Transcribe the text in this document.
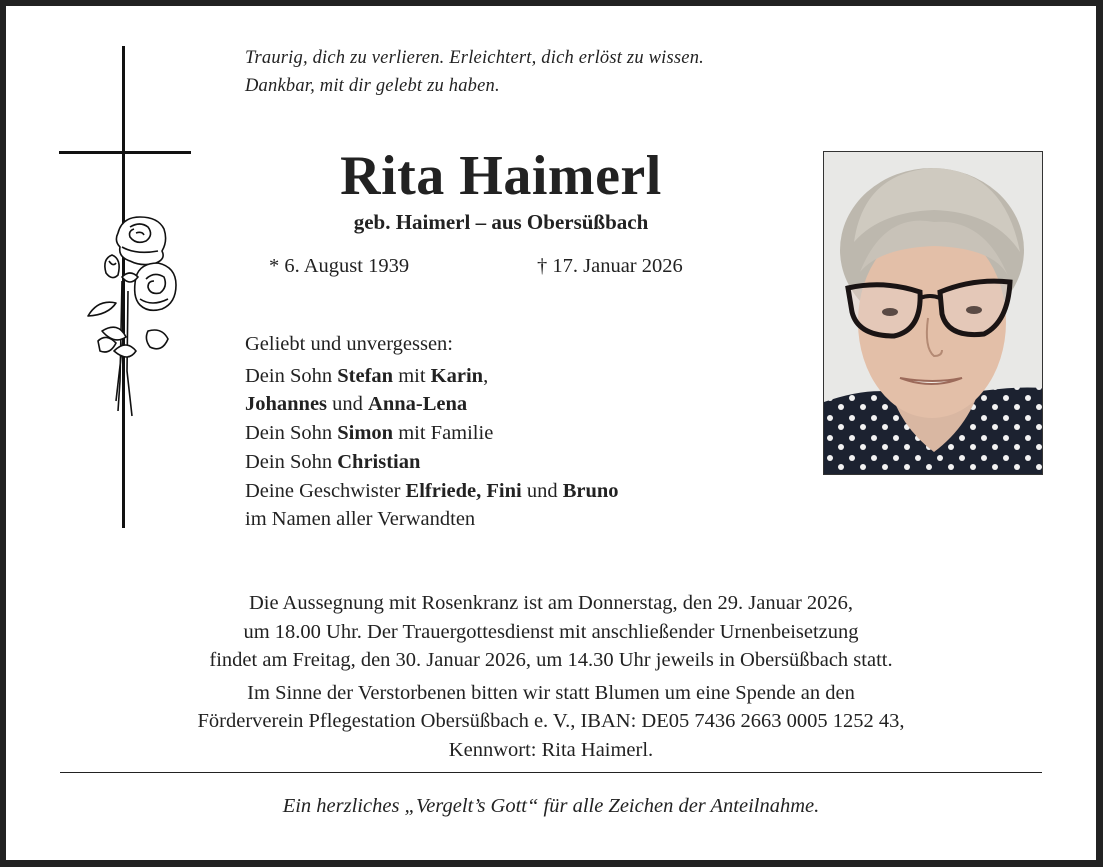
Traurig, dich zu verlieren. Erleichtert, dich erlöst zu wissen.
Dankbar, mit dir gelebt zu haben.
Rita Haimerl
geb. Haimerl – aus Obersüßbach
* 6. August 1939	† 17. Januar 2026
Geliebt und unvergessen:
Dein Sohn Stefan mit Karin,
Johannes und Anna-Lena
Dein Sohn Simon mit Familie
Dein Sohn Christian
Deine Geschwister Elfriede, Fini und Bruno
im Namen aller Verwandten
Die Aussegnung mit Rosenkranz ist am Donnerstag, den 29. Januar 2026,
um 18.00 Uhr. Der Trauergottesdienst mit anschließender Urnenbeisetzung
findet am Freitag, den 30. Januar 2026, um 14.30 Uhr jeweils in Obersüßbach statt.
Im Sinne der Verstorbenen bitten wir statt Blumen um eine Spende an den
Förderverein Pflegestation Obersüßbach e. V., IBAN: DE05 7436 2663 0005 1252 43,
Kennwort: Rita Haimerl.
Ein herzliches „Vergelt’s Gott“ für alle Zeichen der Anteilnahme.
